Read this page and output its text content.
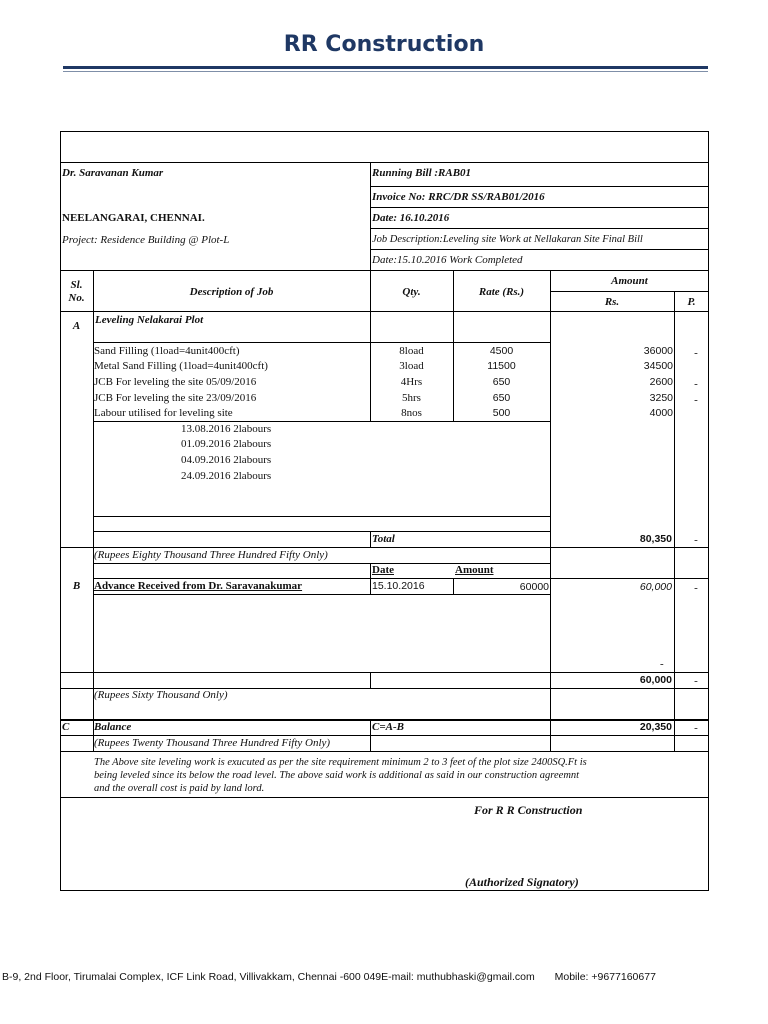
RR Construction
Dr. Saravanan Kumar
NEELANGARAI, CHENNAI.
Project: Residence Building @ Plot-L
Running Bill :RAB01
Invoice No: RRC/DR SS/RAB01/2016
Date: 16.10.2016
Job Description:Leveling site Work at Nellakaran Site Final Bill
Date:15.10.2016 Work Completed
Sl.
No.	Description of Job	Qty.	Rate (Rs.)
Amount
Rs.	P.
A	Leveling Nelakarai Plot
Sand Filling (1load=4unit400cft)	8load	4500	36000	-
Metal Sand Filling (1load=4unit400cft)	3load	11500	34500
JCB For leveling the site 05/09/2016	4Hrs	650	2600	-
JCB For leveling the site 23/09/2016	5hrs	650	3250	-
Labour utilised for leveling site	8nos	500	4000
13.08.2016 2labours
01.09.2016 2labours
04.09.2016 2labours
24.09.2016 2labours
Total	80,350	-
(Rupees Eighty Thousand Three Hundred Fifty Only)
Date	Amount
B	Advance Received from Dr. Saravanakumar	15.10.2016	60000	60,000	-
-
60,000	-
(Rupees Sixty Thousand Only)
C Balance	C=A-B	20,350	-
(Rupees Twenty Thousand Three Hundred Fifty Only)
The Above site leveling work is exucuted as per the site requirement minimum 2 to 3 feet of the plot size 2400SQ.Ft is
being leveled since its below the road level. The above said work is additional as said in our construction agreemnt
and the overall cost is paid by land lord.
For R R Construction
(Authorized Signatory)
B-9, 2nd Floor, Tirumalai Complex, ICF Link Road, Villivakkam, Chennai -600 049E-mail: muthubhaski@gmail.com Mobile: +9677160677
